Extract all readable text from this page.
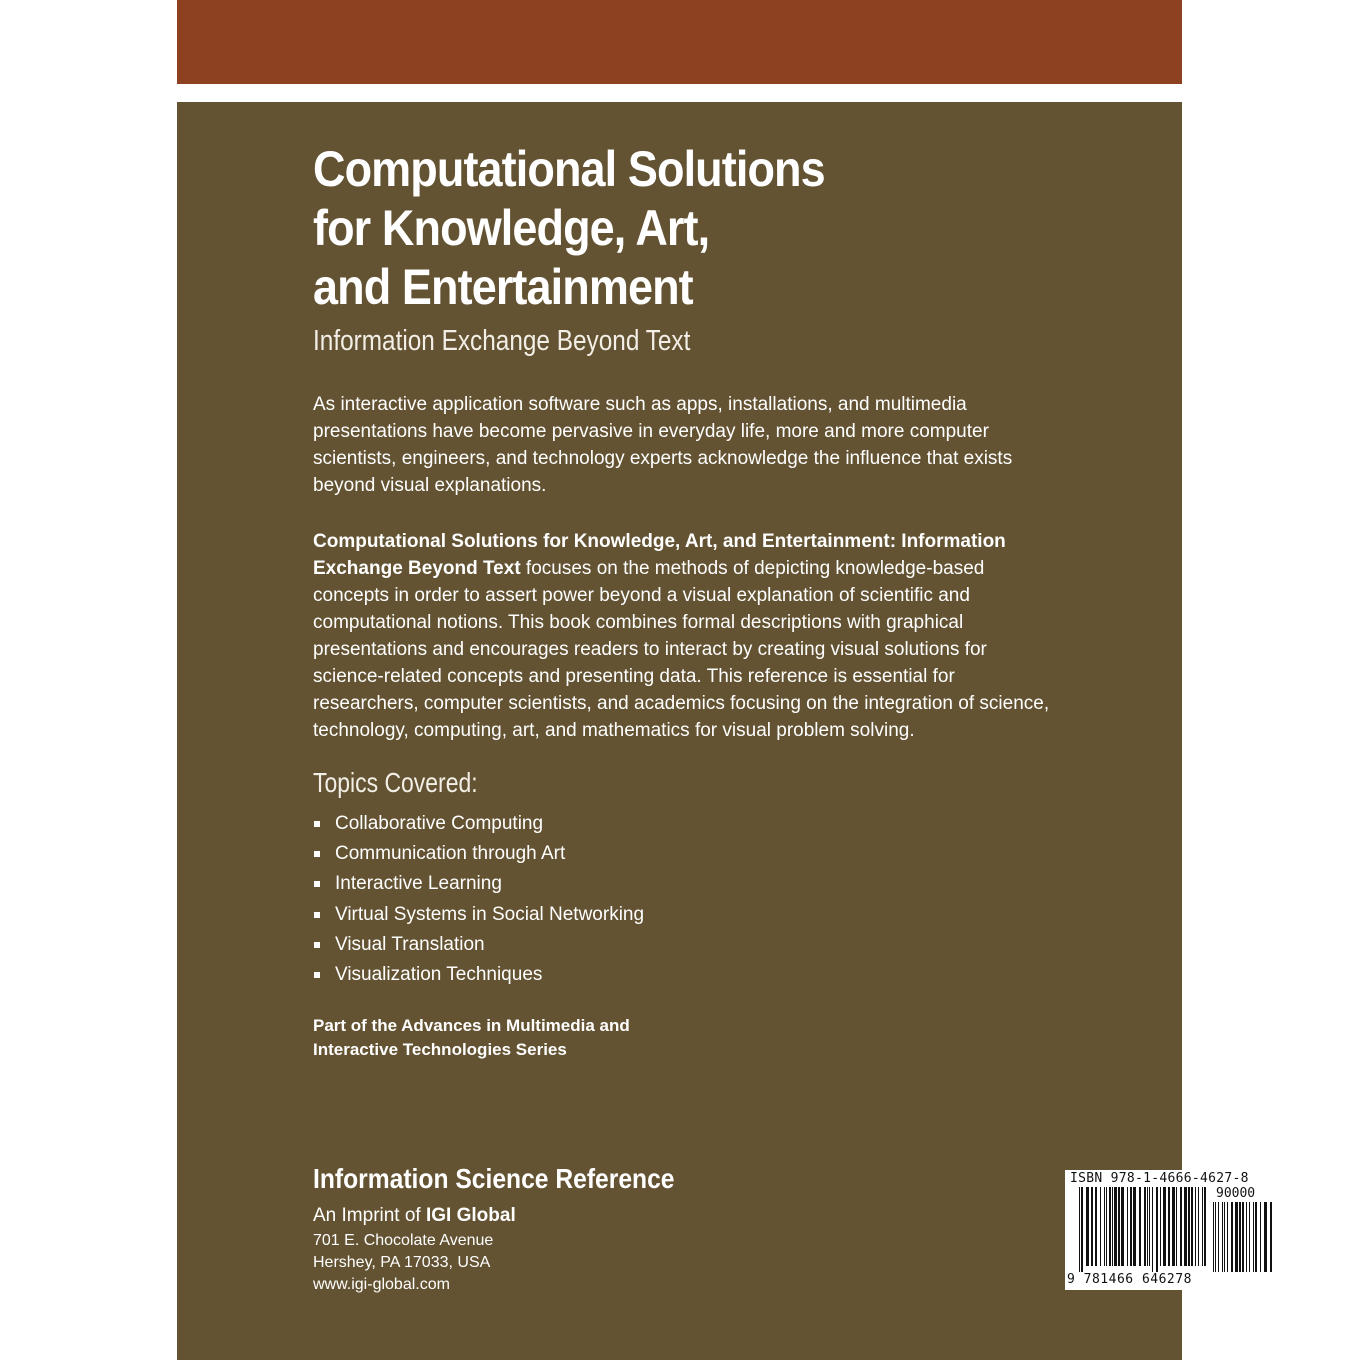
Computational Solutions
for Knowledge, Art,
and Entertainment
Information Exchange Beyond Text

As interactive application software such as apps, installations, and multimedia presentations have become pervasive in everyday life, more and more computer scientists, engineers, and technology experts acknowledge the influence that exists beyond visual explanations.

Computational Solutions for Knowledge, Art, and Entertainment: Information Exchange Beyond Text focuses on the methods of depicting knowledge-based concepts in order to assert power beyond a visual explanation of scientific and computational notions. This book combines formal descriptions with graphical presentations and encourages readers to interact by creating visual solutions for science-related concepts and presenting data. This reference is essential for researchers, computer scientists, and academics focusing on the integration of science, technology, computing, art, and mathematics for visual problem solving.

Topics Covered:
Collaborative Computing
Communication through Art
Interactive Learning
Virtual Systems in Social Networking
Visual Translation
Visualization Techniques
Part of the Advances in Multimedia and
Interactive Technologies Series
Information Science Reference
An Imprint of IGI Global
701 E. Chocolate Avenue
Hershey, PA 17033, USA
www.igi-global.com
ISBN 978-1-4666-4627-8
90000
9 781466 646278
